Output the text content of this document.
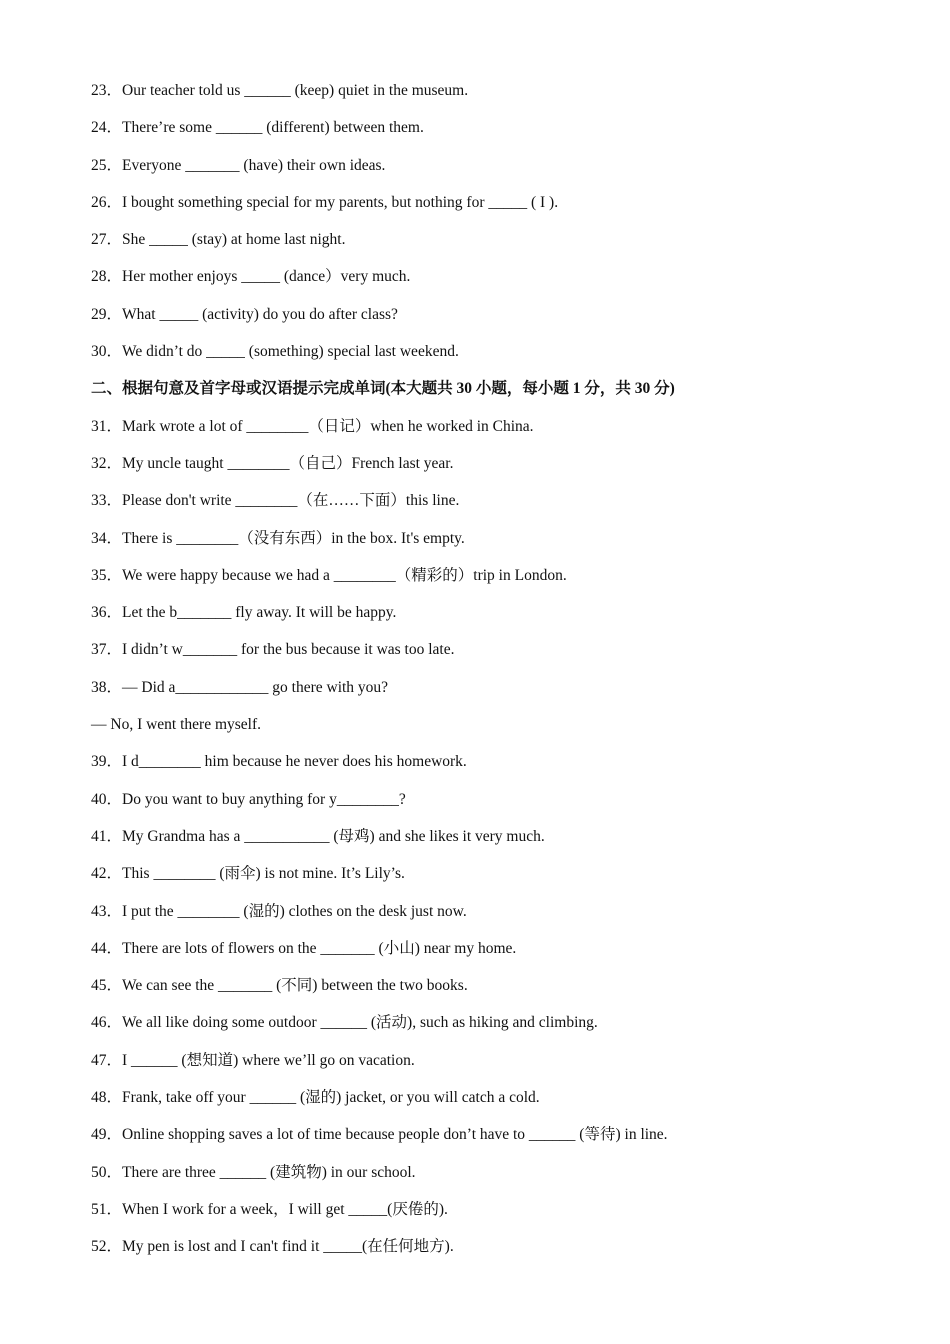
23．Our teacher told us ______ (keep) quiet in the museum.
24．There’re some ______ (different) between them.
25．Everyone _______ (have) their own ideas.
26．I bought something special for my parents, but nothing for _____ ( I ).
27．She _____ (stay) at home last night.
28．Her mother enjoys _____ (dance）very much.
29．What _____ (activity) do you do after class?
30．We didn’t do _____ (something) special last weekend.
二、根据句意及首字母或汉语提示完成单词(本大题共 30 小题，每小题 1 分，共 30 分)
31．Mark wrote a lot of ________（日记）when he worked in China.
32．My uncle taught ________（自己）French last year.
33．Please don't write ________（在……下面）this line.
34．There is ________（没有东西）in the box. It's empty.
35．We were happy because we had a ________（精彩的）trip in London.
36．Let the b_______ fly away. It will be happy.
37．I didn’t w_______ for the bus because it was too late.
38．— Did a____________ go there with you?
— No, I went there myself.
39．I d________ him because he never does his homework.
40．Do you want to buy anything for y________?
41．My Grandma has a ___________ (母鸡) and she likes it very much.
42．This ________ (雨伞) is not mine. It’s Lily’s.
43．I put the ________ (湿的) clothes on the desk just now.
44．There are lots of flowers on the _______ (小山) near my home.
45．We can see the _______ (不同) between the two books.
46．We all like doing some outdoor ______ (活动), such as hiking and climbing.
47．I ______ (想知道) where we’ll go on vacation.
48．Frank, take off your ______ (湿的) jacket, or you will catch a cold.
49．Online shopping saves a lot of time because people don’t have to ______ (等待) in line.
50．There are three ______ (建筑物) in our school.
51．When I work for a week，I will get _____(厌倦的).
52．My pen is lost and I can't find it _____(在任何地方).
